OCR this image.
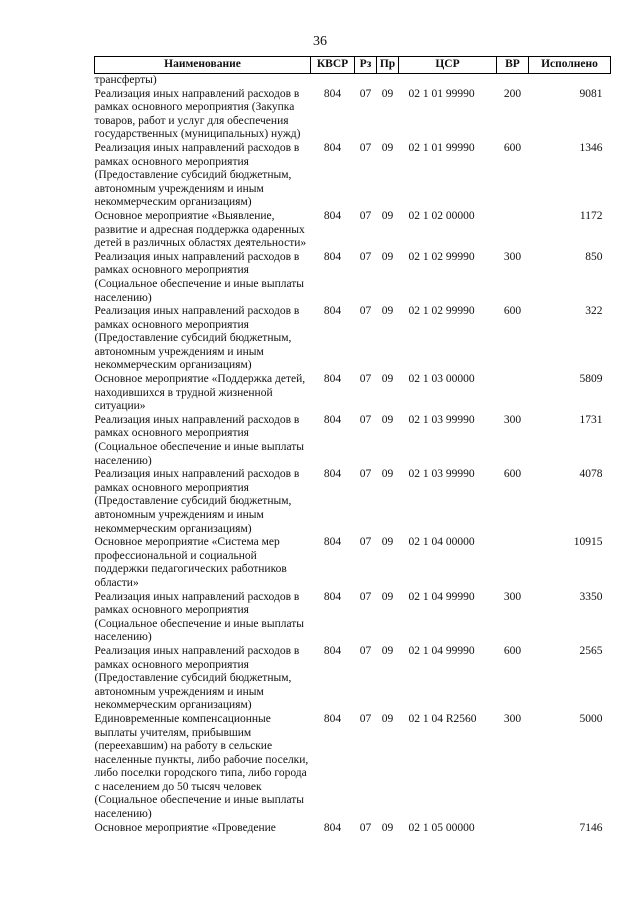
36
Наименование	КВСР	Рз	Пр	ЦСР	ВР	Исполнено
трансферты)						
Реализация иных направлений расходов в рамках основного мероприятия (Закупка товаров, работ и услуг для обеспечения государственных (муниципальных) нужд)	804	07	09	02 1 01 99990	200	9081
Реализация иных направлений расходов в рамках основного мероприятия (Предоставление субсидий бюджетным, автономным учреждениям и иным некоммерческим организациям)	804	07	09	02 1 01 99990	600	1346
Основное мероприятие «Выявление, развитие и адресная поддержка одаренных детей в различных областях деятельности»	804	07	09	02 1 02 00000		1172
Реализация иных направлений расходов в рамках основного мероприятия (Социальное обеспечение и иные выплаты населению)	804	07	09	02 1 02 99990	300	850
Реализация иных направлений расходов в рамках основного мероприятия (Предоставление субсидий бюджетным, автономным учреждениям и иным некоммерческим организациям)	804	07	09	02 1 02 99990	600	322
Основное мероприятие «Поддержка детей, находившихся в трудной жизненной ситуации»	804	07	09	02 1 03 00000		5809
Реализация иных направлений расходов в рамках основного мероприятия (Социальное обеспечение и иные выплаты населению)	804	07	09	02 1 03 99990	300	1731
Реализация иных направлений расходов в рамках основного мероприятия (Предоставление субсидий бюджетным, автономным учреждениям и иным некоммерческим организациям)	804	07	09	02 1 03 99990	600	4078
Основное мероприятие «Система мер профессиональной и социальной поддержки педагогических работников области»	804	07	09	02 1 04 00000		10915
Реализация иных направлений расходов в рамках основного мероприятия (Социальное обеспечение и иные выплаты населению)	804	07	09	02 1 04 99990	300	3350
Реализация иных направлений расходов в рамках основного мероприятия (Предоставление субсидий бюджетным, автономным учреждениям и иным некоммерческим организациям)	804	07	09	02 1 04 99990	600	2565
Единовременные компенсационные выплаты учителям, прибывшим (переехавшим) на работу в сельские населенные пункты, либо рабочие поселки, либо поселки городского типа, либо города с населением до 50 тысяч человек (Социальное обеспечение и иные выплаты населению)	804	07	09	02 1 04 R2560	300	5000
Основное мероприятие «Проведение	804	07	09	02 1 05 00000		7146
